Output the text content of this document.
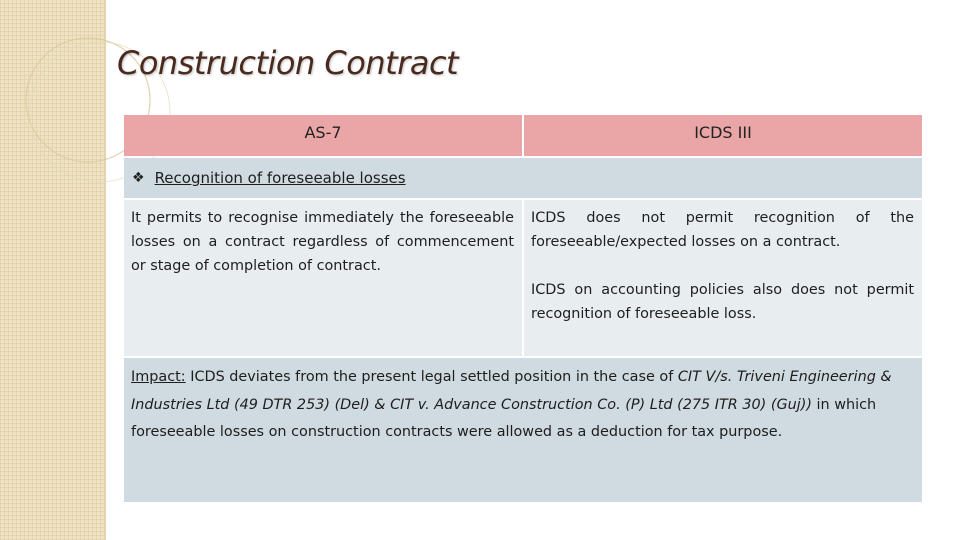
Construction Contract
AS-7	ICDS III
❖ Recognition of foreseeable losses

It permits to recognise immediately the foreseeable losses on a contract regardless of commencement or stage of completion of contract.

ICDS does not permit recognition of the foreseeable/expected losses on a contract.

ICDS on accounting policies also does not permit recognition of foreseeable loss.

Impact: ICDS deviates from the present legal settled position in the case of CIT V/s. Triveni Engineering & Industries Ltd (49 DTR 253) (Del) & CIT v. Advance Construction Co. (P) Ltd (275 ITR 30) (Guj)) in which foreseeable losses on construction contracts were allowed as a deduction for tax purpose.
